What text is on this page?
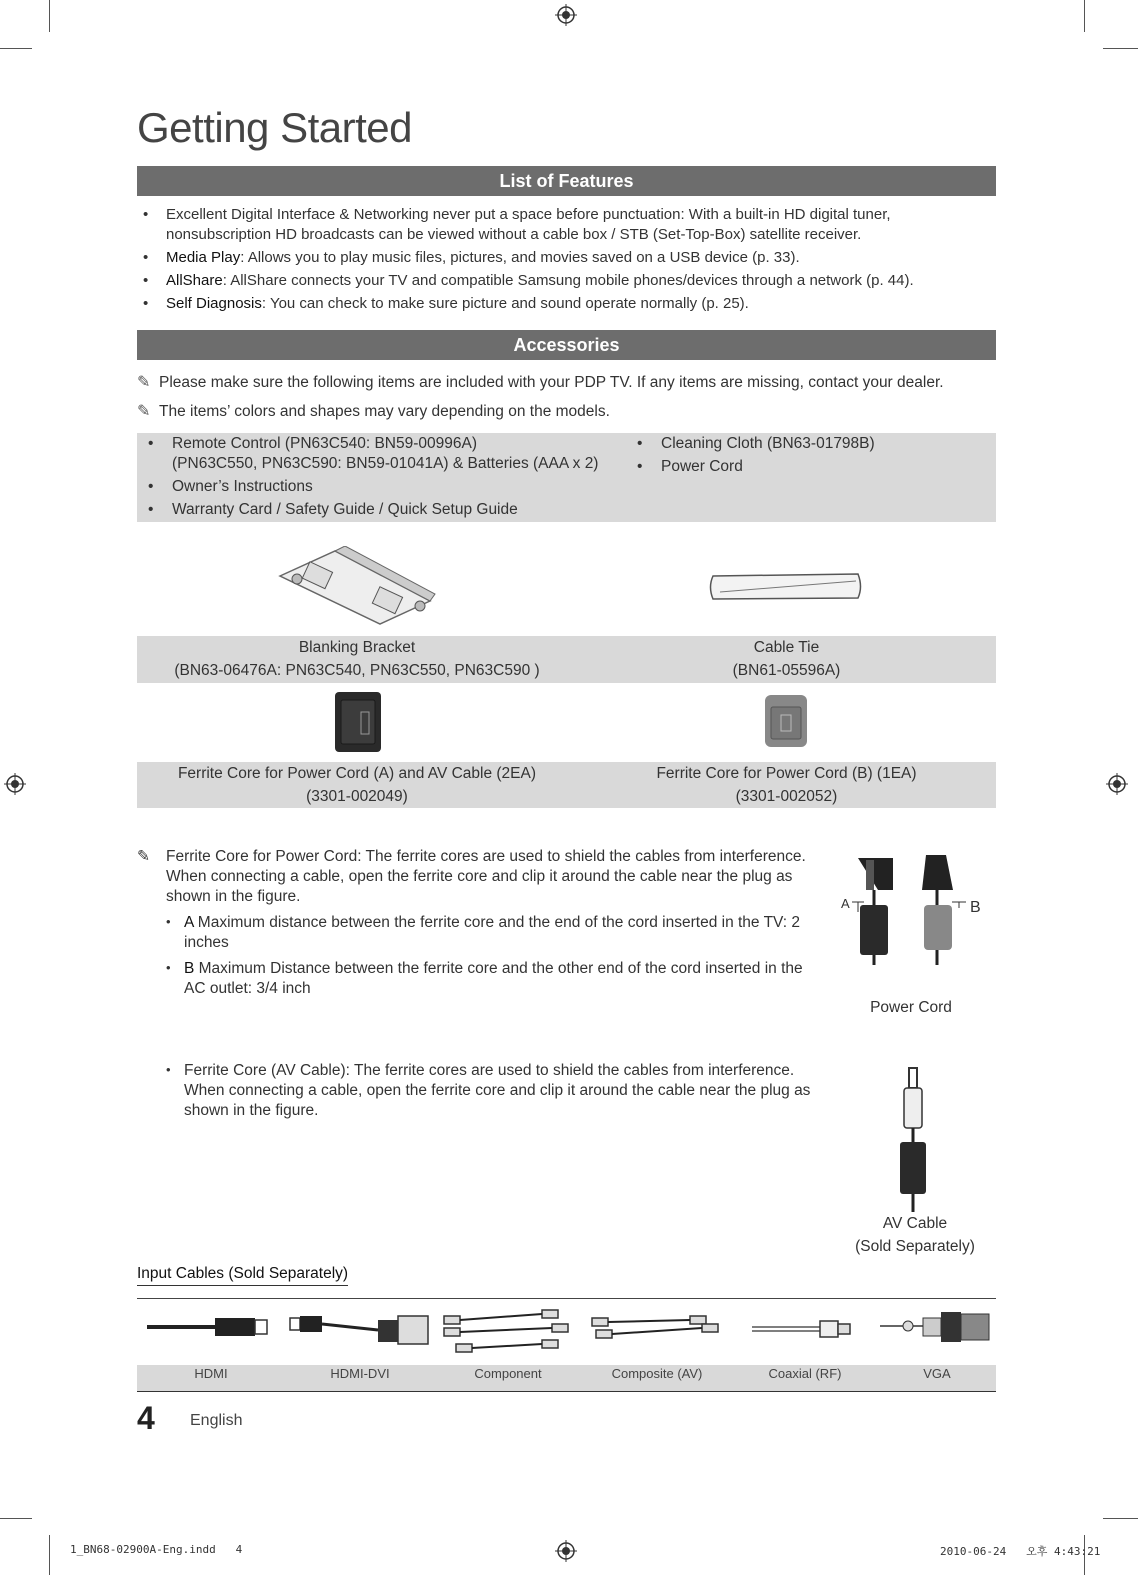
Getting Started
List of Features
• Excellent Digital Interface & Networking never put a space before punctuation: With a built-in HD digital tuner, nonsubscription HD broadcasts can be viewed without a cable box / STB (Set-Top-Box) satellite receiver.
• Media Play: Allows you to play music files, pictures, and movies saved on a USB device (p. 33).
• AllShare: AllShare connects your TV and compatible Samsung mobile phones/devices through a network (p. 44).
• Self Diagnosis: You can check to make sure picture and sound operate normally (p. 25).
Accessories
✎ Please make sure the following items are included with your PDP TV. If any items are missing, contact your dealer.
✎ The items’ colors and shapes may vary depending on the models.
• Remote Control (PN63C540: BN59-00996A)
(PN63C550, PN63C590: BN59-01041A) & Batteries (AAA x 2)
• Owner’s Instructions
• Warranty Card / Safety Guide / Quick Setup Guide
• Cleaning Cloth (BN63-01798B)
• Power Cord
Blanking Bracket
(BN63-06476A: PN63C540, PN63C550, PN63C590 )
Cable Tie
(BN61-05596A)
Ferrite Core for Power Cord (A) and AV Cable (2EA)
(3301-002049)
Ferrite Core for Power Cord (B) (1EA)
(3301-002052)
✎	Ferrite Core for Power Cord: The ferrite cores are used to shield the cables from interference. When connecting a cable, open the ferrite core and clip it around the cable near the plug as shown in the figure.
• A Maximum distance between the ferrite core and the end of the cord inserted in the TV: 2 inches
• B Maximum Distance between the ferrite core and the other end of the cord inserted in the AC outlet: 3/4 inch
A	B
Power Cord
• Ferrite Core (AV Cable): The ferrite cores are used to shield the cables from interference. When connecting a cable, open the ferrite core and clip it around the cable near the plug as shown in the figure.
AV Cable
(Sold Separately)
Input Cables (Sold Separately)
HDMI	HDMI-DVI	Component	Composite (AV)	Coaxial (RF)	VGA
4 English
1_BN68-02900A-Eng.indd   4	2010-06-24   오후 4:43:21
